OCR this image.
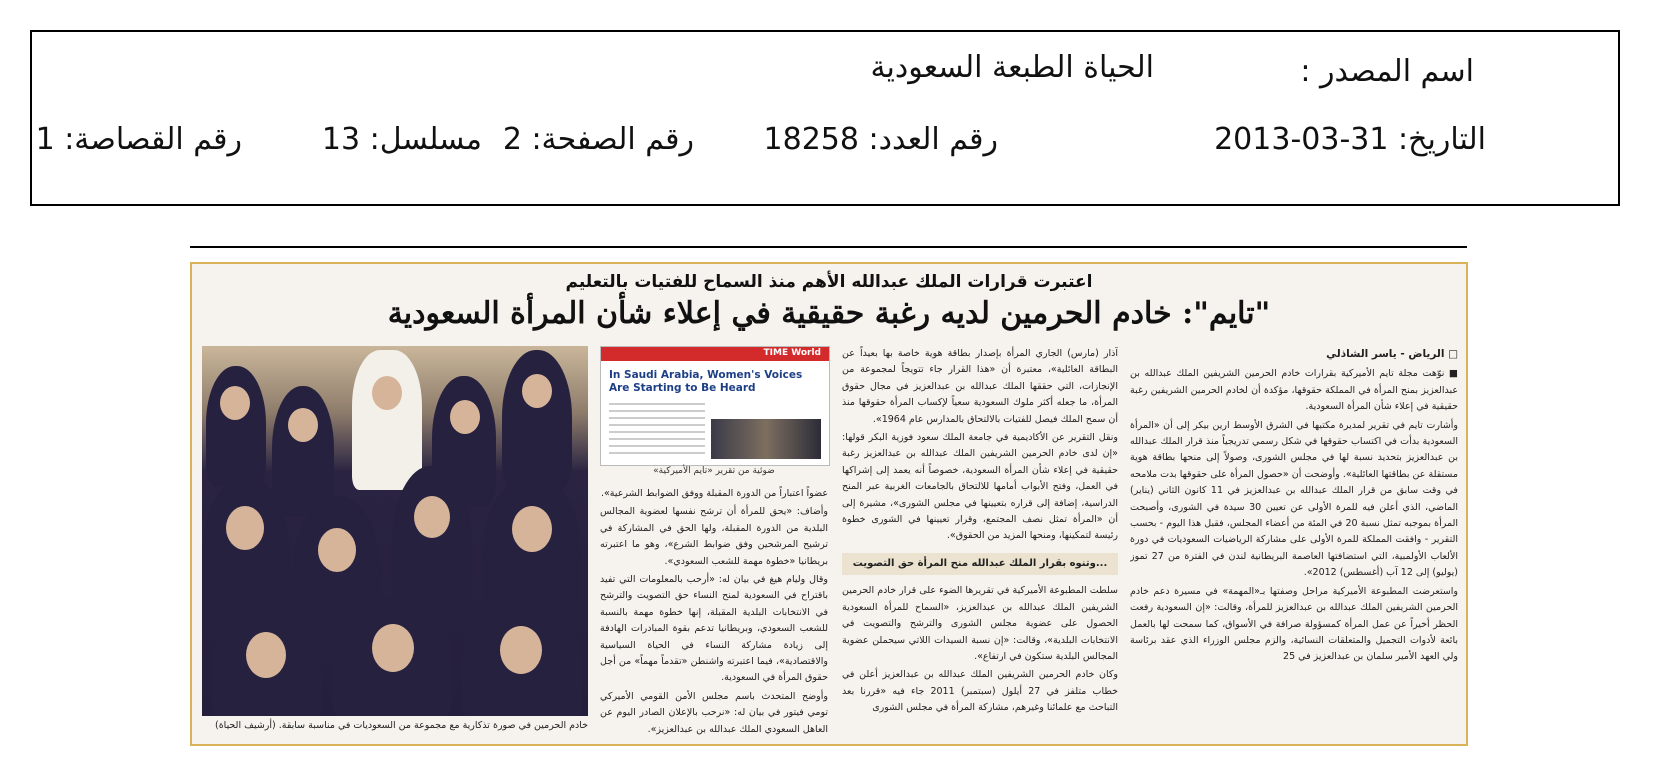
اسم المصدر :
الحياة الطبعة السعودية
التاريخ: 31-03-2013
رقم العدد: 18258
رقم الصفحة: 2
مسلسل: 13
رقم القصاصة: 1
اعتبرت قرارات الملك عبدالله الأهم منذ السماح للفتيات بالتعليم
"تايم": خادم الحرمين لديه رغبة حقيقية في إعلاء شأن المرأة السعودية
□ الرياض - ياسر الشاذلي

■ نوّهت مجلة تايم الأميركية بقرارات خادم الحرمين الشريفين الملك عبدالله بن عبدالعزيز بمنح المرأة في المملكة حقوقها، مؤكدة أن لخادم الحرمين الشريفين رغبة حقيقية في إعلاء شأن المرأة السعودية.

وأشارت تايم في تقرير لمديرة مكتبها في الشرق الأوسط ارين بيكر إلى أن «المرأة السعودية بدأت في اكتساب حقوقها في شكل رسمي تدريجياً منذ قرار الملك عبدالله بن عبدالعزيز بتحديد نسبة لها في مجلس الشورى، وصولاً إلى منحها بطاقة هوية مستقلة عن بطاقتها العائلية». وأوضحت أن «حصول المرأة على حقوقها بدت ملامحه في وقت سابق من قرار الملك عبدالله بن عبدالعزيز في 11 كانون الثاني (يناير) الماضي، الذي أعلن فيه للمرة الأولى عن تعيين 30 سيدة في الشورى، وأصبحت المرأة بموجبه تمثل نسبة 20 في المئة من أعضاء المجلس، فقبل هذا اليوم - بحسب التقرير - وافقت المملكة للمرة الأولى على مشاركة الرياضيات السعوديات في دورة الألعاب الأولمبية، التي استضافتها العاصمة البريطانية لندن في الفترة من 27 تموز (يوليو) إلى 12 آب (أغسطس) 2012».

واستعرضت المطبوعة الأميركية مراحل وصفتها بـ«المهمة» في مسيرة دعم خادم الحرمين الشريفين الملك عبدالله بن عبدالعزيز للمرأة، وقالت: «إن السعودية رفعت الحظر أخيراً عن عمل المرأة كمسؤولة صرافة في الأسواق، كما سمحت لها بالعمل بائعة لأدوات التجميل والمتعلقات النسائية، والزم مجلس الوزراء الذي عقد برئاسة ولي العهد الأمير سلمان بن عبدالعزيز في 25

آذار (مارس) الجاري المرأة بإصدار بطاقة هوية خاصة بها بعيداً عن البطاقة العائلية»، معتبرة أن «هذا القرار جاء تتويجاً لمجموعة من الإنجازات، التي حققها الملك عبدالله بن عبدالعزيز في مجال حقوق المرأة، ما جعله أكثر ملوك السعودية سعياً لإكساب المرأة حقوقها منذ أن سمح الملك فيصل للفتيات بالالتحاق بالمدارس عام 1964».

ونقل التقرير عن الأكاديمية في جامعة الملك سعود فوزية البكر قولها: «إن لدى خادم الحرمين الشريفين الملك عبدالله بن عبدالعزيز رغبة حقيقية في إعلاء شأن المرأة السعودية، خصوصاً أنه يعمد إلى إشراكها في العمل، وفتح الأبواب أمامها للالتحاق بالجامعات الغربية عبر المنح الدراسية، إضافة إلى قراره بتعيينها في مجلس الشورى»، مشيرة إلى أن «المرأة تمثل نصف المجتمع، وقرار تعيينها في الشورى خطوة رئيسة لتمكينها، ومنحها المزيد من الحقوق».

...وتنوه بقرار الملك عبدالله منح المرأة حق التصويت

سلطت المطبوعة الأميركية في تقريرها الضوء على قرار خادم الحرمين الشريفين الملك عبدالله بن عبدالعزيز، «السماح للمرأة السعودية الحصول على عضوية مجلس الشورى والترشح والتصويت في الانتخابات البلدية»، وقالت: «إن نسبة السيدات اللاتي سيحملن عضوية المجالس البلدية ستكون في ارتفاع».

وكان خادم الحرمين الشريفين الملك عبدالله بن عبدالعزيز أعلن في خطاب متلفز في 27 أيلول (سبتمبر) 2011 جاء فيه «قررنا بعد التباحث مع علمائنا وغيرهم، مشاركة المرأة في مجلس الشورى

TIME World
In Saudi Arabia, Women's Voices Are Starting to Be Heard
ضوئية من تقرير «تايم الأميركية»

عضواً اعتباراً من الدورة المقبلة ووفق الضوابط الشرعية».

وأضاف: «يحق للمرأة أن ترشح نفسها لعضوية المجالس البلدية من الدورة المقبلة، ولها الحق في المشاركة في ترشيح المرشحين وفق ضوابط الشرع»، وهو ما اعتبرته بريطانيا «خطوة مهمة للشعب السعودي».

وقال وليام هيغ في بيان له: «أرحب بالمعلومات التي تفيد باقتراح في السعودية لمنح النساء حق التصويت والترشح في الانتخابات البلدية المقبلة، إنها خطوة مهمة بالنسبة للشعب السعودي، وبريطانيا تدعم بقوة المبادرات الهادفة إلى زيادة مشاركة النساء في الحياة السياسية والاقتصادية»، فيما اعتبرته واشنطن «تقدماً مهماً» من أجل حقوق المرأة في السعودية.

وأوضح المتحدث باسم مجلس الأمن القومي الأميركي تومي فيتور في بيان له: «نرحب بالإعلان الصادر اليوم عن العاهل السعودي الملك عبدالله بن عبدالعزيز».

خادم الحرمين في صورة تذكارية مع مجموعة من السعوديات في مناسبة سابقة. (أرشيف الحياة)
